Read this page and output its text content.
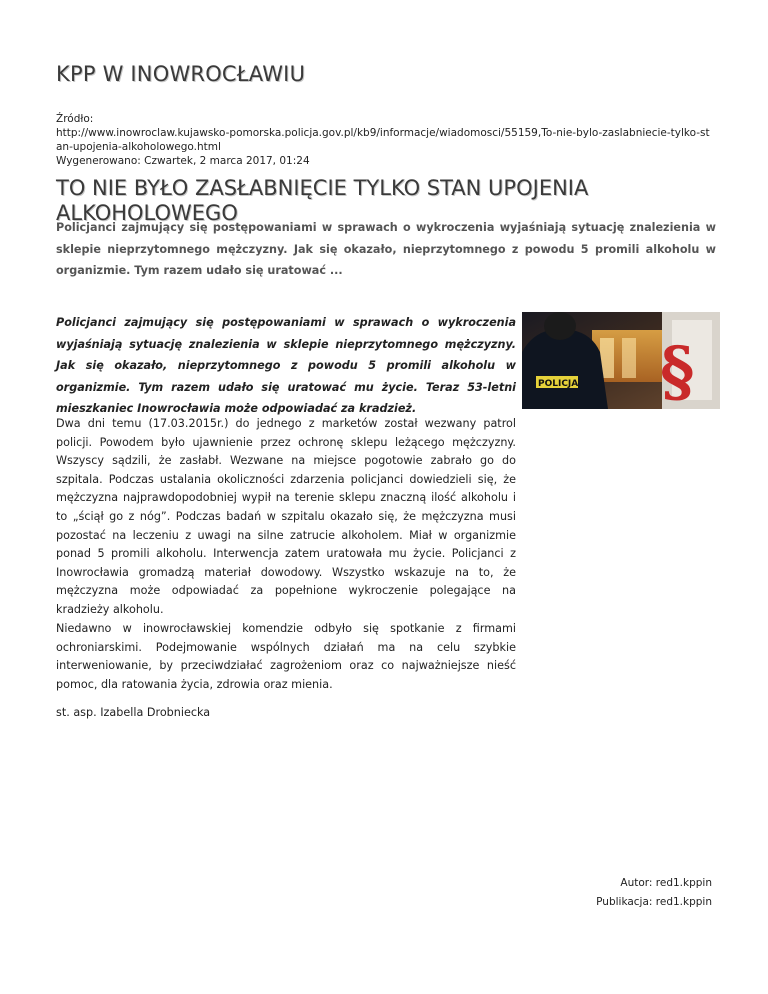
KPP W INOWROCŁAWIU
Źródło:
http://www.inowroclaw.kujawsko-pomorska.policja.gov.pl/kb9/informacje/wiadomosci/55159,To-nie-bylo-zaslabniecie-tylko-stan-upojenia-alkoholowego.html
Wygenerowano: Czwartek, 2 marca 2017, 01:24
TO NIE BYŁO ZASŁABNIĘCIE TYLKO STAN UPOJENIA ALKOHOLOWEGO

Policjanci zajmujący się postępowaniami w sprawach o wykroczenia wyjaśniają sytuację znalezienia w sklepie nieprzytomnego mężczyzny. Jak się okazało, nieprzytomnego z powodu 5 promili alkoholu w organizmie. Tym razem udało się uratować ...

Policjanci zajmujący się postępowaniami w sprawach o wykroczenia wyjaśniają sytuację znalezienia w sklepie nieprzytomnego mężczyzny. Jak się okazało, nieprzytomnego z powodu 5 promili alkoholu w organizmie. Tym razem udało się uratować mu życie. Teraz 53-letni mieszkaniec Inowrocławia może odpowiadać za kradzież.	§
POLICJA

Dwa dni temu (17.03.2015r.) do jednego z marketów został wezwany patrol policji. Powodem było ujawnienie przez ochronę sklepu leżącego mężczyzny. Wszyscy sądzili, że zasłabł. Wezwane na miejsce pogotowie zabrało go do szpitala. Podczas ustalania okoliczności zdarzenia policjanci dowiedzieli się, że mężczyzna najprawdopodobniej wypił na terenie sklepu znaczną ilość alkoholu i to „ściął go z nóg”. Podczas badań w szpitalu okazało się, że mężczyzna musi pozostać na leczeniu z uwagi na silne zatrucie alkoholem. Miał w organizmie ponad 5 promili alkoholu. Interwencja zatem uratowała mu życie. Policjanci z Inowrocławia gromadzą materiał dowodowy. Wszystko wskazuje na to, że mężczyzna może odpowiadać za popełnione wykroczenie polegające na kradzieży alkoholu.

Niedawno w inowrocławskiej komendzie odbyło się spotkanie z firmami ochroniarskimi. Podejmowanie wspólnych działań ma na celu szybkie interweniowanie, by przeciwdziałać zagrożeniom oraz co najważniejsze nieść pomoc, dla ratowania życia, zdrowia oraz mienia.

st. asp. Izabella Drobniecka
Autor: red1.kppin
Publikacja: red1.kppin
